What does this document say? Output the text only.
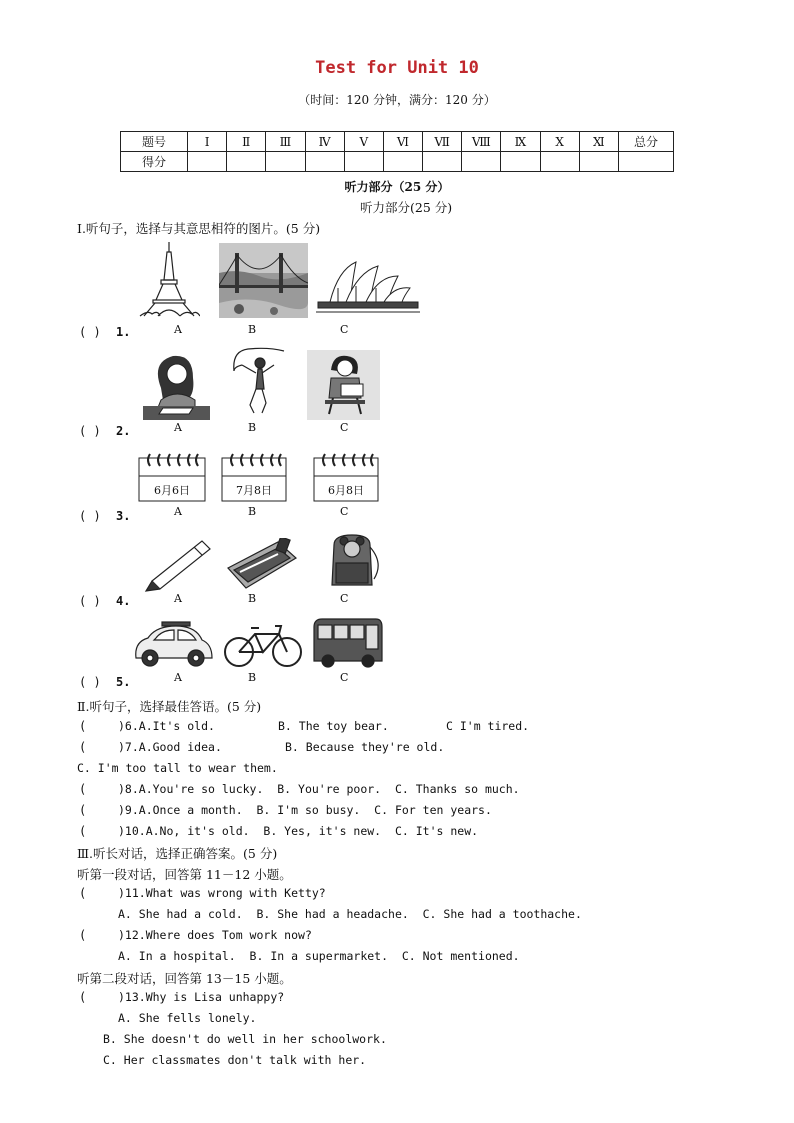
Test for Unit 10
（时间：120 分钟，满分：120 分）
题号	Ⅰ	Ⅱ	Ⅲ	Ⅳ	Ⅴ	Ⅵ	Ⅶ	Ⅷ	Ⅸ	Ⅹ	Ⅺ	总分
得分												
听力部分（25 分）
听力部分(25 分)
Ⅰ.听句子，选择与其意思相符的图片。(5 分)
A	B	C
( ) 1.
A	B	C
( ) 2.
6月6日
A
7月8日
B
6月8日
C
( ) 3.
A	B	C
( ) 4.
A	B	C
( ) 5.
Ⅱ.听句子，选择最佳答语。(5 分)
(	)6.A.It's old.	B. The toy bear.	C I'm tired.
(	)7.A.Good idea.	B. Because they're old.
C. I'm too tall to wear them.
(	)8.A.You're so lucky.  B. You're poor.  C. Thanks so much.
(	)9.A.Once a month.  B. I'm so busy.  C. For ten years.
(	)10.A.No, it's old.  B. Yes, it's new.  C. It's new.
Ⅲ.听长对话，选择正确答案。(5 分)
听第一段对话，回答第 11－12 小题。
(	)11.What was wrong with Ketty?
A. She had a cold.  B. She had a headache.  C. She had a toothache.
(	)12.Where does Tom work now?
A. In a hospital.  B. In a supermarket.  C. Not mentioned.
听第二段对话，回答第 13－15 小题。
(	)13.Why is Lisa unhappy?
A. She fells lonely.
B. She doesn't do well in her schoolwork.
C. Her classmates don't talk with her.
